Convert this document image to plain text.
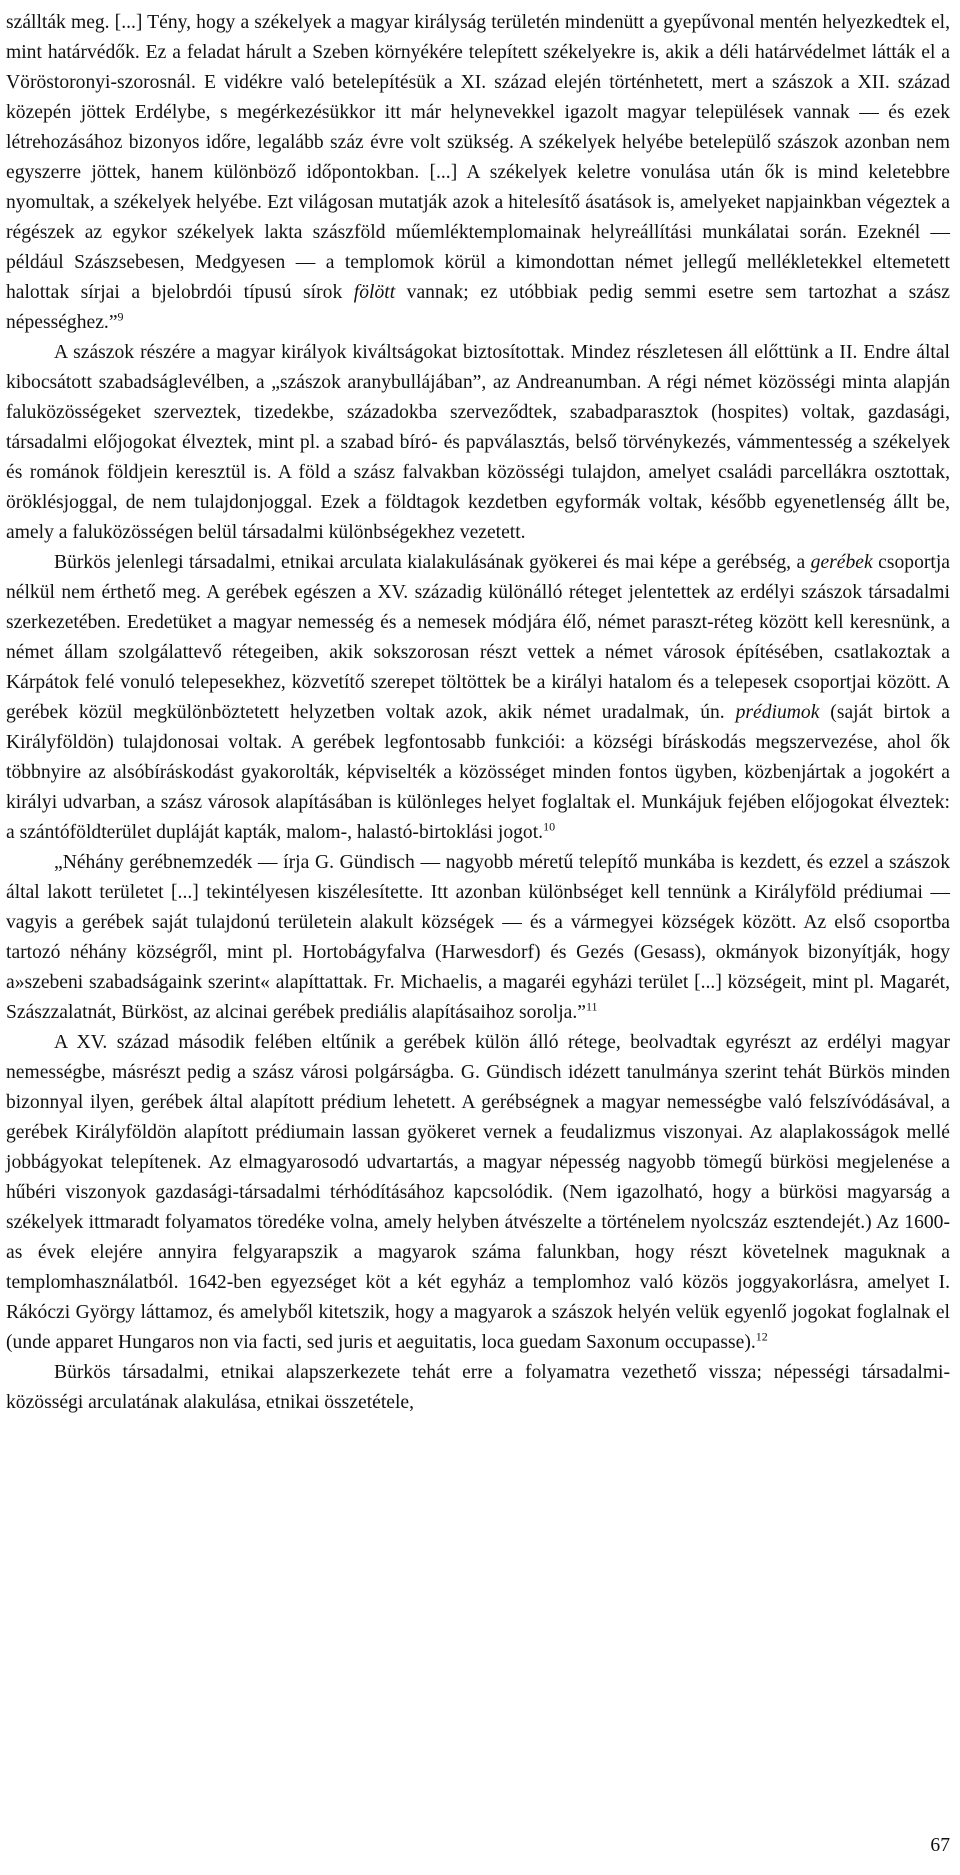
szállták meg. [...] Tény, hogy a székelyek a magyar királyság területén mindenütt a gyepűvonal mentén helyezkedtek el, mint határvédők. Ez a feladat hárult a Szeben környékére telepített székelyekre is, akik a déli határvédelmet látták el a Vöröstoronyi-szorosnál. E vidékre való betelepítésük a XI. század elején történhetett, mert a szászok a XII. század közepén jöttek Erdélybe, s megérkezésükkor itt már helynevekkel igazolt magyar települések vannak — és ezek létrehozásához bizonyos időre, legalább száz évre volt szükség. A székelyek helyébe betelepülő szászok azonban nem egyszerre jöttek, hanem különböző időpontokban. [...] A székelyek keletre vonulása után ők is mind keletebbre nyomultak, a székelyek helyébe. Ezt világosan mutatják azok a hitelesítő ásatások is, amelyeket napjainkban végeztek a régészek az egykor székelyek lakta szászföld műemléktemplomainak helyreállítási munkálatai során. Ezeknél — például Szászsebesen, Medgyesen — a templomok körül a kimondottan német jellegű mellékletekkel eltemetett halottak sírjai a bjelobrdói típusú sírok fölött vannak; ez utóbbiak pedig semmi esetre sem tartozhat a szász népességhez.”$^9$

A szászok részére a magyar királyok kiváltságokat biztosítottak. Mindez részletesen áll előttünk a II. Endre által kibocsátott szabadságlevélben, a „szászok aranybullájában”, az Andreanumban. A régi német közösségi minta alapján faluközösségeket szerveztek, tizedekbe, századokba szerveződtek, szabadparasztok (hospites) voltak, gazdasági, társadalmi előjogokat élveztek, mint pl. a szabad bíró- és papválasztás, belső törvénykezés, vámmentesség a székelyek és románok földjein keresztül is. A föld a szász falvakban közösségi tulajdon, amelyet családi parcellákra osztottak, öröklésjoggal, de nem tulajdonjoggal. Ezek a földtagok kezdetben egyformák voltak, később egyenetlenség állt be, amely a faluközösségen belül társadalmi különbségekhez vezetett.

Bürkös jelenlegi társadalmi, etnikai arculata kialakulásának gyökerei és mai képe a gerébség, a gerébek csoportja nélkül nem érthető meg. A gerébek egészen a XV. századig különálló réteget jelentettek az erdélyi szászok társadalmi szerkezetében. Eredetüket a magyar nemesség és a nemesek módjára élő, német paraszt-réteg között kell keresnünk, a német állam szolgálattevő rétegeiben, akik sokszorosan részt vettek a német városok építésében, csatlakoztak a Kárpátok felé vonuló telepesekhez, közvetítő szerepet töltöttek be a királyi hatalom és a telepesek csoportjai között. A gerébek közül megkülönböztetett helyzetben voltak azok, akik német uradalmak, ún. prédiumok (saját birtok a Királyföldön) tulajdonosai voltak. A gerébek legfontosabb funkciói: a községi bíráskodás megszervezése, ahol ők többnyire az alsóbíráskodást gyakorolták, képviselték a közösséget minden fontos ügyben, közbenjártak a jogokért a királyi udvarban, a szász városok alapításában is különleges helyet foglaltak el. Munkájuk fejében előjogokat élveztek: a szántóföldterület dupláját kapták, malom-, halastó-birtoklási jogot.$^{10}$

„Néhány gerébnemzedék — írja G. Gündisch — nagyobb méretű telepítő munkába is kezdett, és ezzel a szászok által lakott területet [...] tekintélyesen kiszélesítette. Itt azonban különbséget kell tennünk a Királyföld prédiumai — vagyis a gerébek saját tulajdonú területein alakult községek — és a vármegyei községek között. Az első csoportba tartozó néhány községről, mint pl. Hortobágyfalva (Harwesdorf) és Gezés (Gesass), okmányok bizonyítják, hogy a»szebeni szabadságaink szerint« alapíttattak. Fr. Michaelis, a magaréi egyházi terület [...] községeit, mint pl. Magarét, Szászzalatnát, Bürköst, az alcinai gerébek prediális alapításaihoz sorolja.”$^{11}$

A XV. század második felében eltűnik a gerébek külön álló rétege, beolvadtak egyrészt az erdélyi magyar nemességbe, másrészt pedig a szász városi polgárságba. G. Gündisch idézett tanulmánya szerint tehát Bürkös minden bizonnyal ilyen, gerébek által alapított prédium lehetett. A gerébségnek a magyar nemességbe való felszívódásával, a gerébek Királyföldön alapított prédiumain lassan gyökeret vernek a feudalizmus viszonyai. Az alaplakosságok mellé jobbágyokat telepítenek. Az elmagyarosodó udvartartás, a magyar népesség nagyobb tömegű bürkösi megjelenése a hűbéri viszonyok gazdasági-társadalmi térhódításához kapcsolódik. (Nem igazolható, hogy a bürkösi magyarság a székelyek ittmaradt folyamatos töredéke volna, amely helyben átvészelte a történelem nyolcszáz esztendejét.) Az 1600-as évek elejére annyira felgyarapszik a magyarok száma falunkban, hogy részt követelnek maguknak a templomhasználatból. 1642-ben egyezséget köt a két egyház a templomhoz való közös joggyakorlásra, amelyet I. Rákóczi György láttamoz, és amelyből kitetszik, hogy a magyarok a szászok helyén velük egyenlő jogokat foglalnak el (unde apparet Hungaros non via facti, sed juris et aeguitatis, loca guedam Saxonum occupasse).$^{12}$

Bürkös társadalmi, etnikai alapszerkezete tehát erre a folyamatra vezethető vissza; népességi társadalmi-közösségi arculatának alakulása, etnikai összetétele,

67
